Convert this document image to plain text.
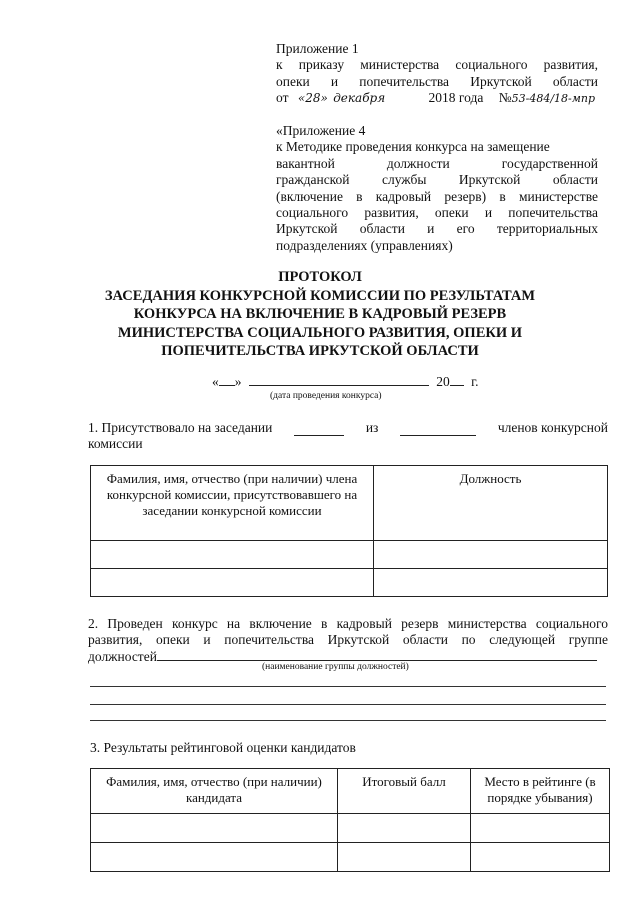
Приложение 1
к приказу министерства социального развития,
опеки и попечительства Иркутской области
от «28» декабря	2018 года №53-484/18-мпр
«Приложение 4
к Методике проведения конкурса на замещение
вакантной должности государственной
гражданской службы Иркутской области
(включение в кадровый резерв) в министерстве
социального развития, опеки и попечительства
Иркутской области и его территориальных
подразделениях (управлениях)
ПРОТОКОЛ
ЗАСЕДАНИЯ КОНКУРСНОЙ КОМИССИИ ПО РЕЗУЛЬТАТАМ
КОНКУРСА НА ВКЛЮЧЕНИЕ В КАДРОВЫЙ РЕЗЕРВ
МИНИСТЕРСТВА СОЦИАЛЬНОГО РАЗВИТИЯ, ОПЕКИ И
ПОПЕЧИТЕЛЬСТВА ИРКУТСКОЙ ОБЛАСТИ
« »	20 г.
(дата проведения конкурса)
1. Присутствовало на заседании	из	членов конкурсной
комиссии
Фамилия, имя, отчество (при наличии) члена конкурсной комиссии, присутствовавшего на заседании конкурсной комиссии	Должность

2. Проведен конкурс на включение в кадровый резерв министерства социального
развития, опеки и попечительства Иркутской области по следующей группе
должностей
(наименование группы должностей)
3. Результаты рейтинговой оценки кандидатов
Фамилия, имя, отчество (при наличии) кандидата	Итоговый балл	Место в рейтинге (в порядке убывания)
